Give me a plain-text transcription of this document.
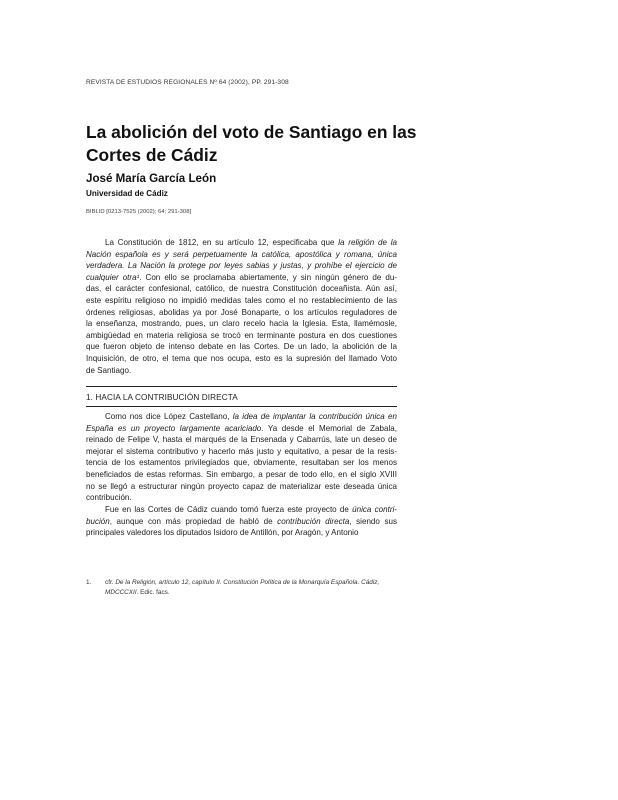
REVISTA DE ESTUDIOS REGIONALES Nº 64 (2002), PP. 291-308
La abolición del voto de Santiago en las
Cortes de Cádiz
José María García León
Universidad de Cádiz
BIBLID [0213-7525 (2002); 64; 291-308]
La Constitución de 1812, en su artículo 12, especificaba que la religión de la
Nación española es y será perpetuamente la católica, apostólica y romana, única
verdadera. La Nación la protege por leyes sabias y justas, y prohíbe el ejercicio de
cualquier otra¹. Con ello se proclamaba abiertamente, y sin ningún género de du-
das, el carácter confesional, católico, de nuestra Constitución doceañista. Aún así,
este espíritu religioso no impidió medidas tales como el no restablecimiento de las
órdenes religiosas, abolidas ya por José Bonaparte, o los artículos reguladores de
la enseñanza, mostrando, pues, un claro recelo hacia la Iglesia. Esta, llamémosle,
ambigüedad en materia religiosa se trocó en terminante postura en dos cuestiones
que fueron objeto de intenso debate en las Cortes. De un lado, la abolición de la
Inquisición, de otro, el tema que nos ocupa, esto es la supresión del llamado Voto
de Santiago.
1. HACIA LA CONTRIBUCIÓN DIRECTA
Como nos dice López Castellano, la idea de implantar la contribución única en
España es un proyecto largamente acariciado. Ya desde el Memorial de Zabala,
reinado de Felipe V, hasta el marqués de la Ensenada y Cabarrús, late un deseo de
mejorar el sistema contributivo y hacerlo más justo y equitativo, a pesar de la resis-
tencia de los estamentos privilegiados que, obviamente, resultaban ser los menos
beneficiados de estas reformas. Sin embargo, a pesar de todo ello, en el siglo XVIII
no se llegó a estructurar ningún proyecto capaz de materializar este deseada única
contribución.
Fue en las Cortes de Cádiz cuando tomó fuerza este proyecto de única contri-
bución, aunque con más propiedad de habló de contribución directa, siendo sus
principales valedores los diputados Isidoro de Antillón, por Aragón, y Antonio
1. cfr. De la Religión, artículo 12, capítulo II. Constitución Política de la Monarquía Española. Cádiz,
MDCCCXII. Edic. facs.
